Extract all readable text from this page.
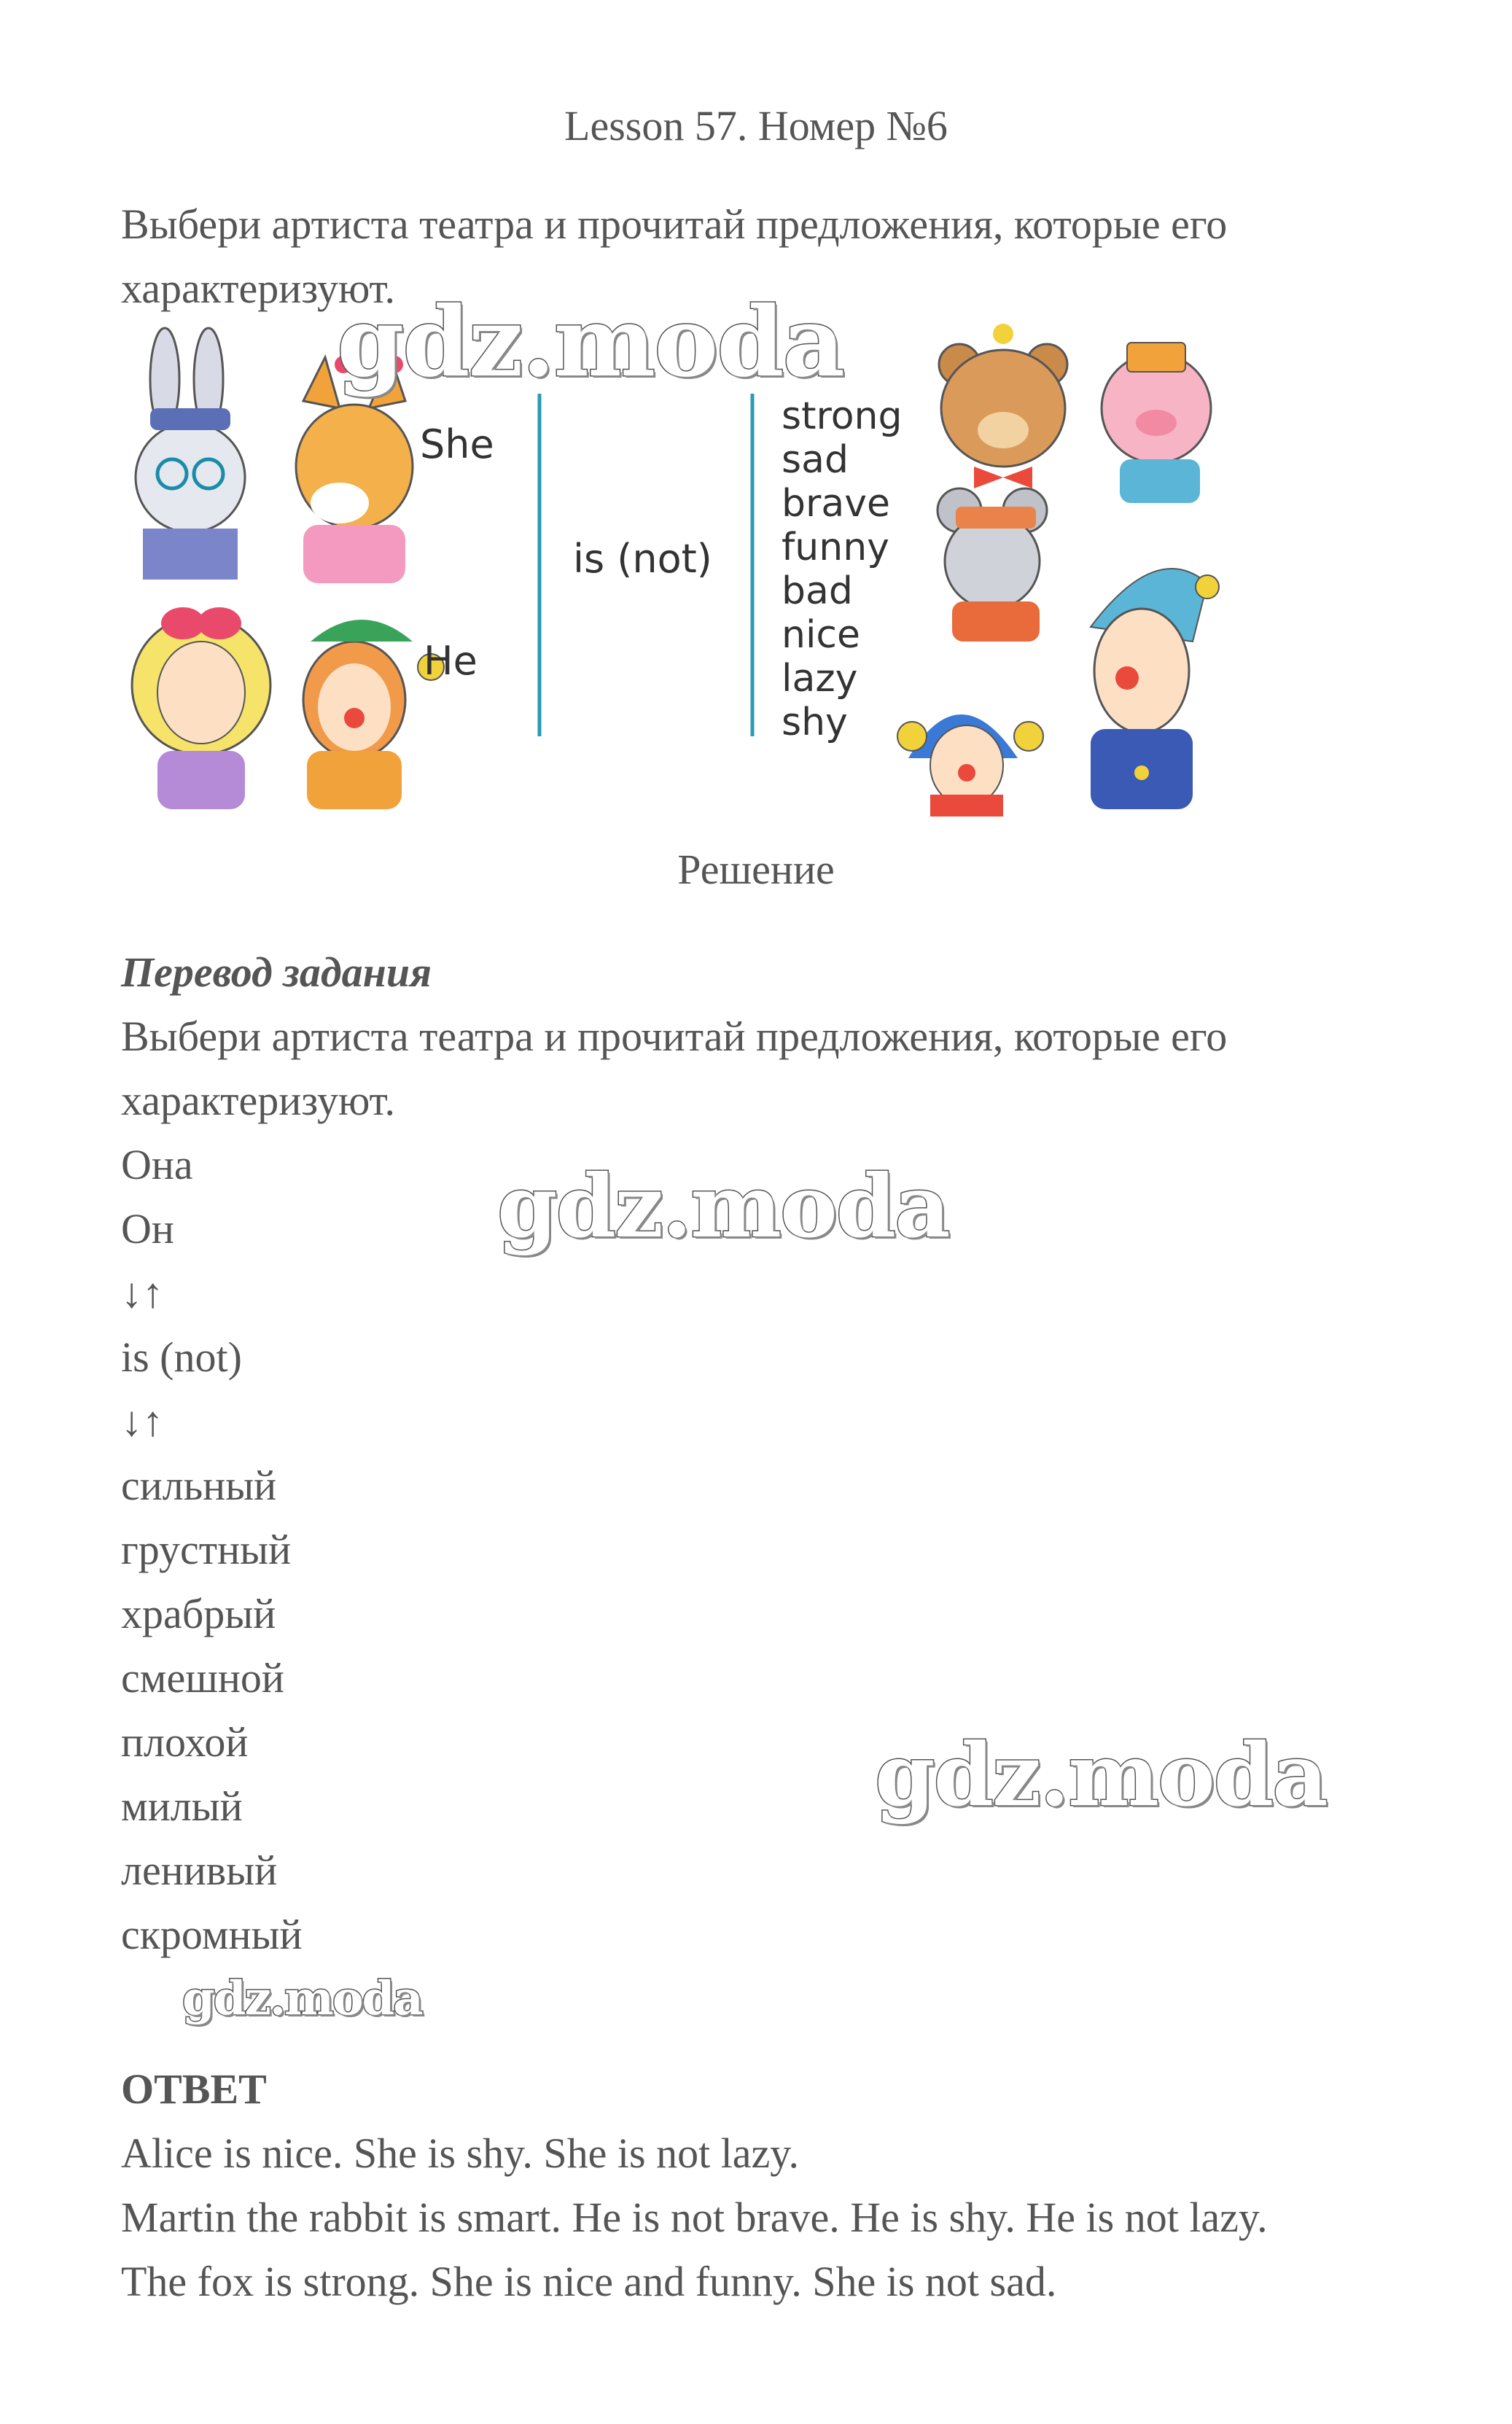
Lesson 57. Номер №6
Выбери артиста театра и прочитай предложения, которые его характеризуют.
She
He
is (not)
strong
sad
brave
funny
bad
nice
lazy
shy
gdz.moda
Решение
Перевод задания
Выбери артиста театра и прочитай предложения, которые его характеризуют.
Она
Он
↓↑
is (not)
↓↑
сильный
грустный
храбрый
смешной
плохой
милый
ленивый
скромный
gdz.moda
gdz.moda
gdz.moda
ОТВЕТ
Alice is nice. She is shy. She is not lazy.
Martin the rabbit is smart. He is not brave. He is shy. He is not lazy.
The fox is strong. She is nice and funny. She is not sad.
